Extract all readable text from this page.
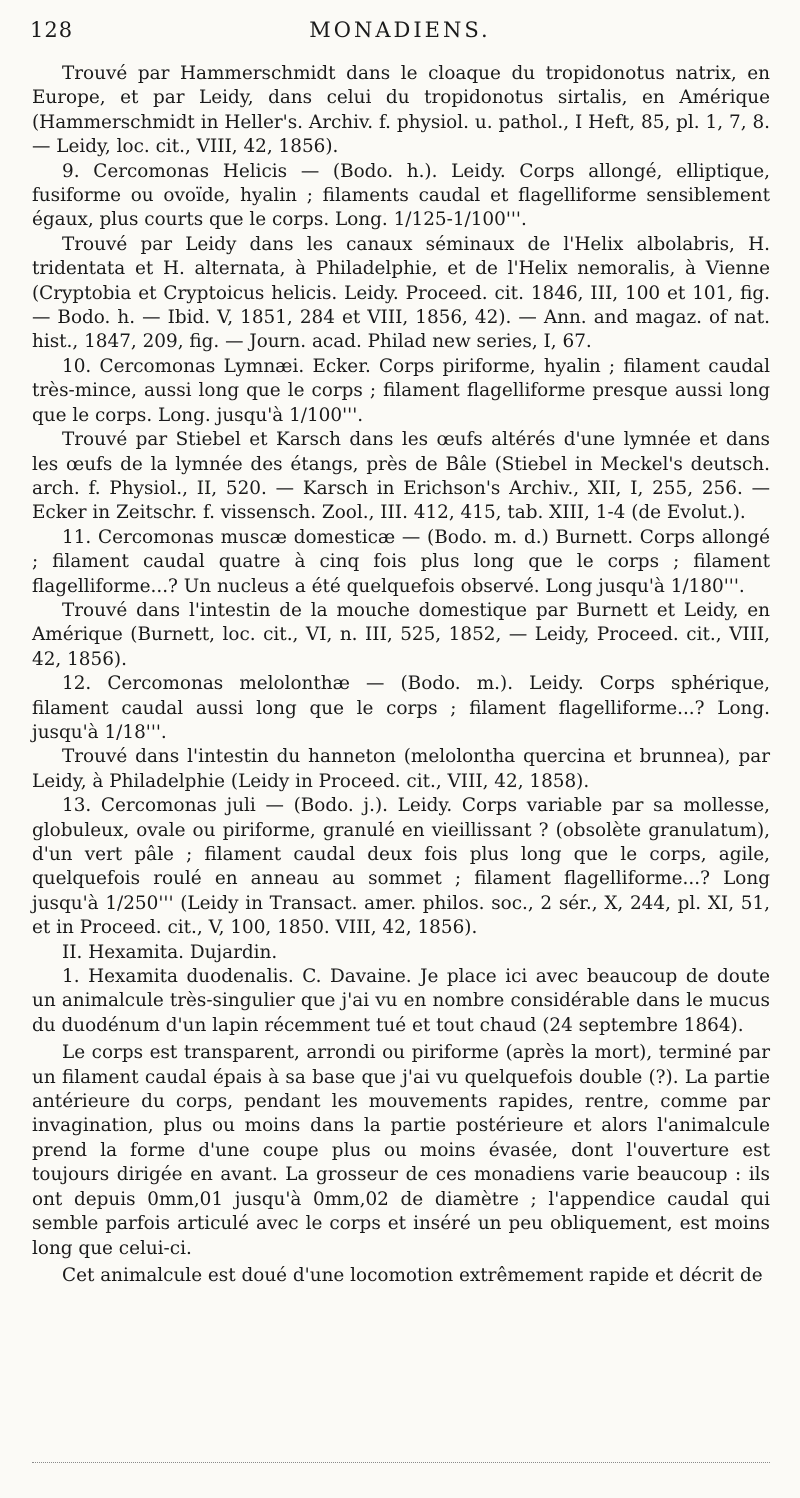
128	MONADIENS.

Trouvé par Hammerschmidt dans le cloaque du tropidonotus natrix, en Europe, et par Leidy, dans celui du tropidonotus sirtalis, en Amérique (Hammerschmidt in Heller's. Archiv. f. physiol. u. pathol., I Heft, 85, pl. 1, 7, 8. — Leidy, loc. cit., VIII, 42, 1856).

9. Cercomonas Helicis — (Bodo. h.). Leidy. Corps allongé, elliptique, fusiforme ou ovoïde, hyalin ; filaments caudal et flagelliforme sensiblement égaux, plus courts que le corps. Long. 1/125-1/100'''.

Trouvé par Leidy dans les canaux séminaux de l'Helix albolabris, H. tridentata et H. alternata, à Philadelphie, et de l'Helix nemoralis, à Vienne (Cryptobia et Cryptoicus helicis. Leidy. Proceed. cit. 1846, III, 100 et 101, fig. — Bodo. h. — Ibid. V, 1851, 284 et VIII, 1856, 42). — Ann. and magaz. of nat. hist., 1847, 209, fig. — Journ. acad. Philad new series, I, 67.

10. Cercomonas Lymnæi. Ecker. Corps piriforme, hyalin ; filament caudal très-mince, aussi long que le corps ; filament flagelliforme presque aussi long que le corps. Long. jusqu'à 1/100'''.

Trouvé par Stiebel et Karsch dans les œufs altérés d'une lymnée et dans les œufs de la lymnée des étangs, près de Bâle (Stiebel in Meckel's deutsch. arch. f. Physiol., II, 520. — Karsch in Erichson's Archiv., XII, I, 255, 256. — Ecker in Zeitschr. f. vissensch. Zool., III. 412, 415, tab. XIII, 1-4 (de Evolut.).

11. Cercomonas muscæ domesticæ — (Bodo. m. d.) Burnett. Corps allongé ; filament caudal quatre à cinq fois plus long que le corps ; filament flagelliforme...? Un nucleus a été quelquefois observé. Long jusqu'à 1/180'''.

Trouvé dans l'intestin de la mouche domestique par Burnett et Leidy, en Amérique (Burnett, loc. cit., VI, n. III, 525, 1852, — Leidy, Proceed. cit., VIII, 42, 1856).

12. Cercomonas melolonthæ — (Bodo. m.). Leidy. Corps sphérique, filament caudal aussi long que le corps ; filament flagelliforme...? Long. jusqu'à 1/18'''.

Trouvé dans l'intestin du hanneton (melolontha quercina et brunnea), par Leidy, à Philadelphie (Leidy in Proceed. cit., VIII, 42, 1858).

13. Cercomonas juli — (Bodo. j.). Leidy. Corps variable par sa mollesse, globuleux, ovale ou piriforme, granulé en vieillissant ? (obsolète granulatum), d'un vert pâle ; filament caudal deux fois plus long que le corps, agile, quelquefois roulé en anneau au sommet ; filament flagelliforme...? Long jusqu'à 1/250''' (Leidy in Transact. amer. philos. soc., 2 sér., X, 244, pl. XI, 51, et in Proceed. cit., V, 100, 1850. VIII, 42, 1856).

II. Hexamita. Dujardin.

1. Hexamita duodenalis. C. Davaine. Je place ici avec beaucoup de doute un animalcule très-singulier que j'ai vu en nombre considérable dans le mucus du duodénum d'un lapin récemment tué et tout chaud (24 septembre 1864).

Le corps est transparent, arrondi ou piriforme (après la mort), terminé par un filament caudal épais à sa base que j'ai vu quelquefois double (?). La partie antérieure du corps, pendant les mouvements rapides, rentre, comme par invagination, plus ou moins dans la partie postérieure et alors l'animalcule prend la forme d'une coupe plus ou moins évasée, dont l'ouverture est toujours dirigée en avant. La grosseur de ces monadiens varie beaucoup : ils ont depuis 0mm,01 jusqu'à 0mm,02 de diamètre ; l'appendice caudal qui semble parfois articulé avec le corps et inséré un peu obliquement, est moins long que celui-ci.

Cet animalcule est doué d'une locomotion extrêmement rapide et décrit de
